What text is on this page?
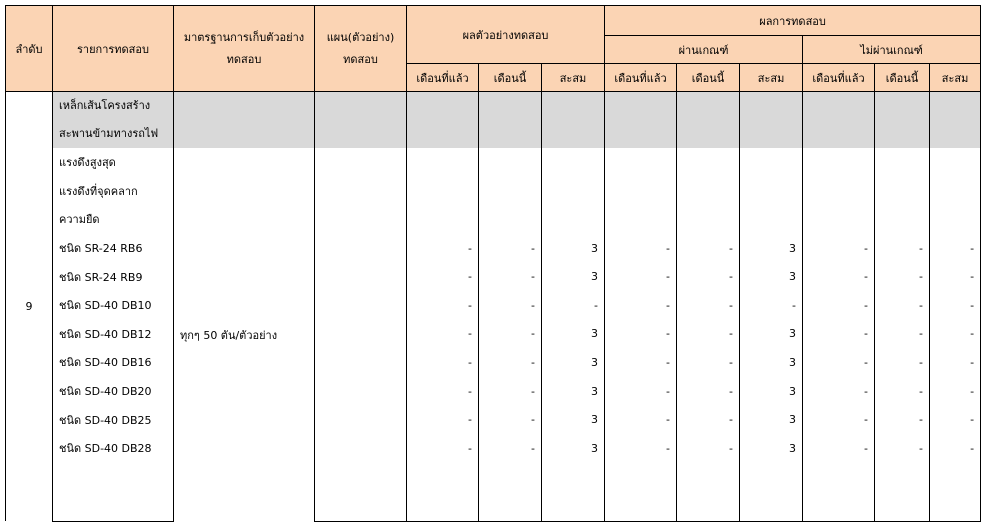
ลำดับ	รายการทดสอบ	มาตรฐานการเก็บตัวอย่างทดสอบ	แผน(ตัวอย่าง) ทดสอบ	ผลตัวอย่างทดสอบ			ผลการทดสอบ					
							ผ่านเกณฑ์			ไม่ผ่านเกณฑ์		
				เดือนที่แล้ว	เดือนนี้	สะสม	เดือนที่แล้ว	เดือนนี้	สะสม	เดือนที่แล้ว	เดือนนี้	สะสม
9	เหล็กเส้นโครงสร้าง สะพานข้ามทางรถไฟ											
	แรงดึงสูงสุด	ทุกๆ 50 ตัน/ตัวอย่าง										
	แรงดึงที่จุดคลาก											
	ความยืด											
	ชนิด SR-24 RB6			-	-	3	-	-	3	-	-	-
	ชนิด SR-24 RB9			-	-	3	-	-	3	-	-	-
	ชนิด SD-40 DB10			-	-	-	-	-	-	-	-	-
	ชนิด SD-40 DB12			-	-	3	-	-	3	-	-	-
	ชนิด SD-40 DB16			-	-	3	-	-	3	-	-	-
	ชนิด SD-40 DB20			-	-	3	-	-	3	-	-	-
	ชนิด SD-40 DB25			-	-	3	-	-	3	-	-	-
	ชนิด SD-40 DB28			-	-	3	-	-	3	-	-	-
